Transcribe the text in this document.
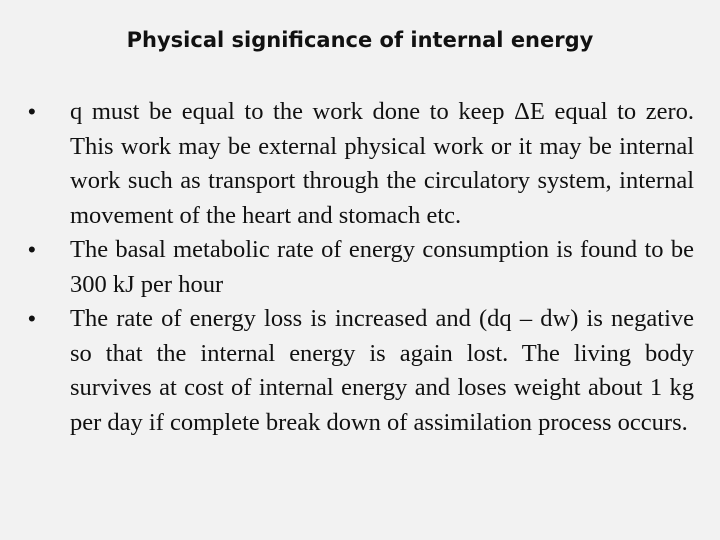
Physical significance of internal energy
•	q must be equal to the work done to keep ΔE equal to zero. This work may be external physical work or it may be internal work such as transport through the circulatory system, internal movement of the heart and stomach etc.
•	The basal metabolic rate of energy consumption is found to be 300 kJ per hour
•	The rate of energy loss is increased and (dq – dw) is negative so that the internal energy is again lost. The living body survives at cost of internal energy and loses weight about 1 kg per day if complete break down of assimilation process occurs.
